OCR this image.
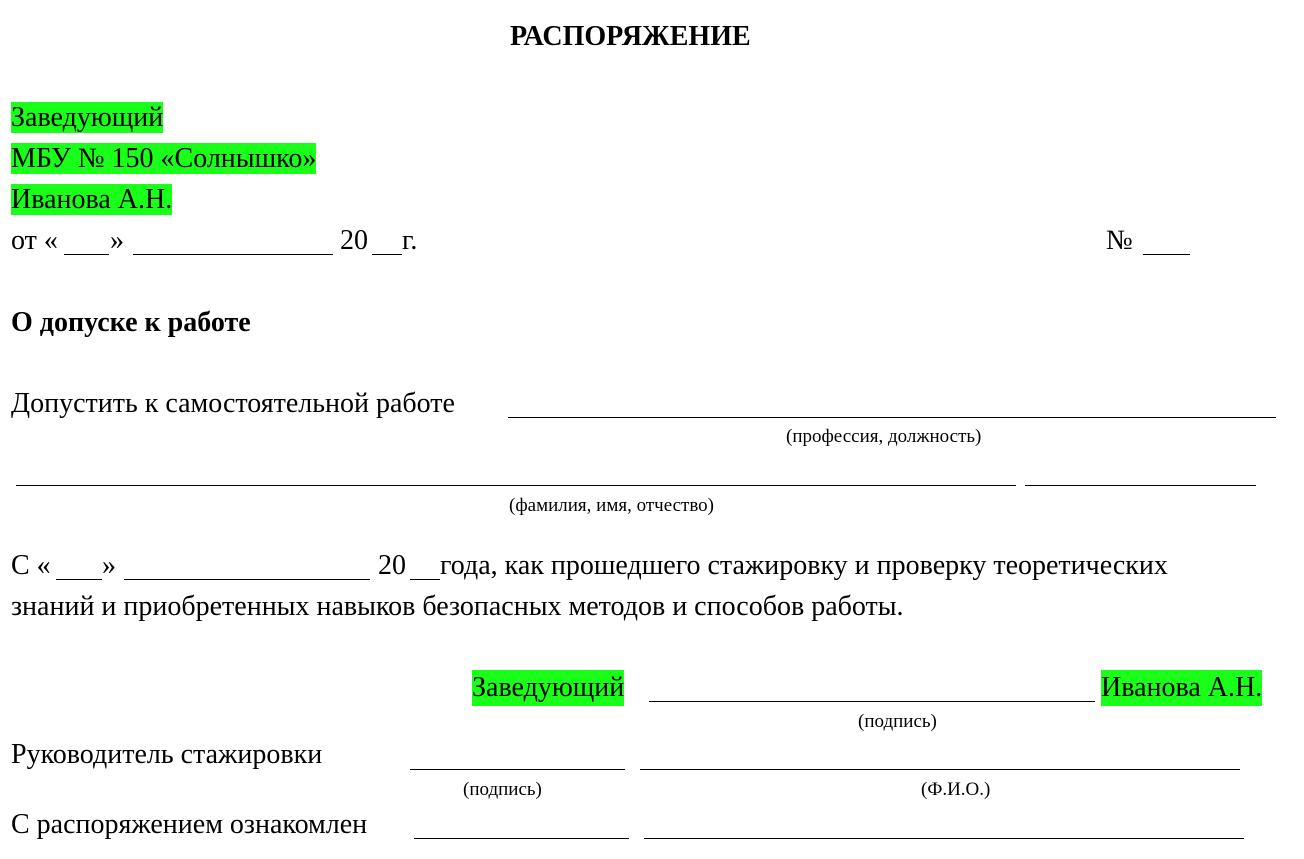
РАСПОРЯЖЕНИЕ
Заведующий
МБУ № 150 «Солнышко»
Иванова А.Н.
от « »	20 г.	№
О допуске к работе
Допустить к самостоятельной работе
(профессия, должность)
(фамилия, имя, отчество)
С « »	20 года, как прошедшего стажировку и проверку теоретических
знаний и приобретенных навыков безопасных методов и способов работы.
Заведующий	Иванова А.Н.
(подпись)
Руководитель стажировки
(подпись)	(Ф.И.О.)
С распоряжением ознакомлен
